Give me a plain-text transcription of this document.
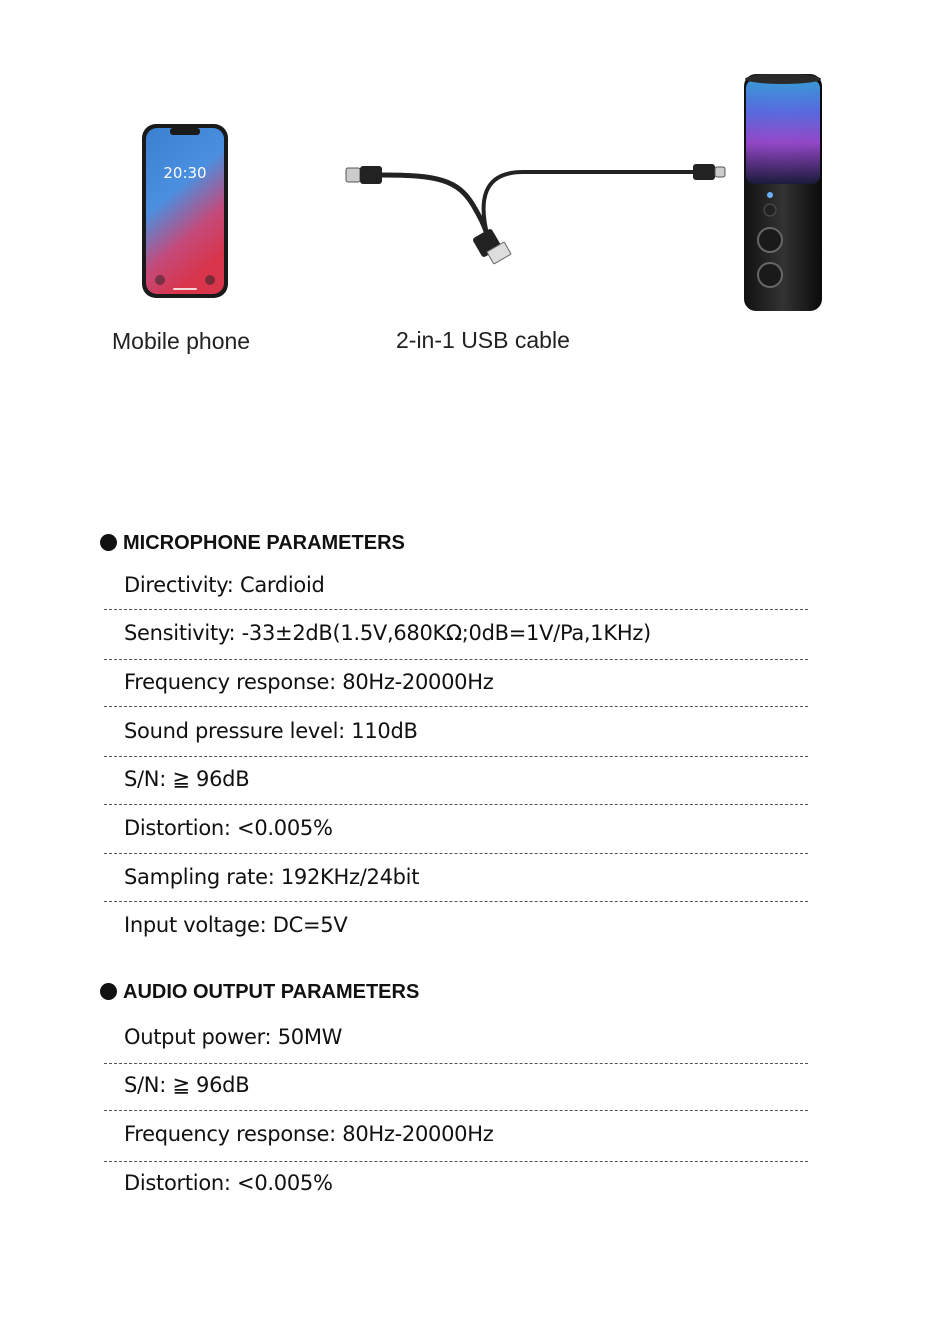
20:30
Mobile phone	2-in-1 USB cable
MICROPHONE PARAMETERS
Directivity: Cardioid
Sensitivity: -33±2dB(1.5V,680KΩ;0dB=1V/Pa,1KHz)
Frequency response: 80Hz-20000Hz
Sound pressure level: 110dB
S/N: ≧ 96dB
Distortion: <0.005%
Sampling rate: 192KHz/24bit
Input voltage: DC=5V
AUDIO OUTPUT PARAMETERS
Output power: 50MW
S/N: ≧ 96dB
Frequency response: 80Hz-20000Hz
Distortion: <0.005%
